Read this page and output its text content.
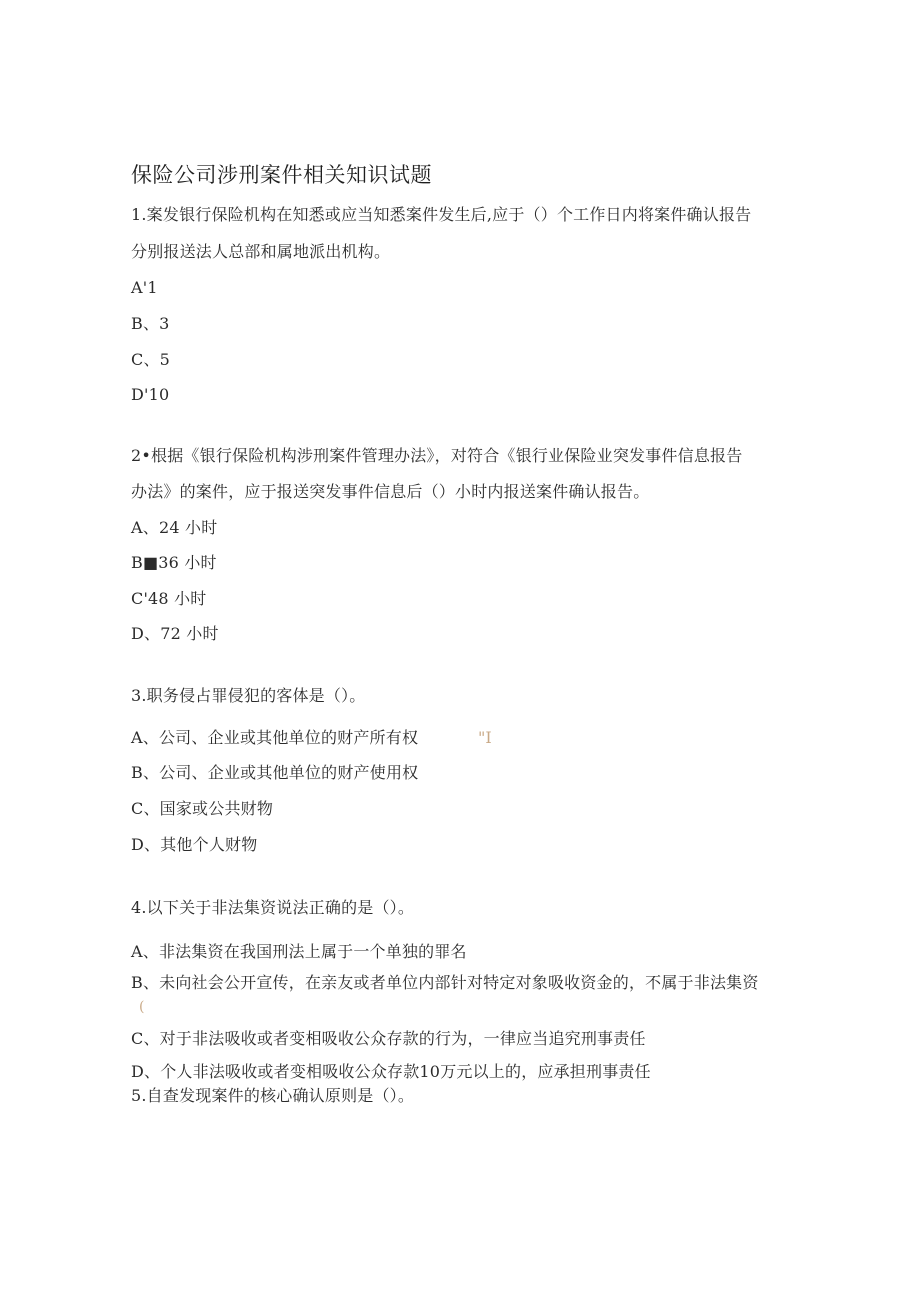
保险公司涉刑案件相关知识试题
1.案发银行保险机构在知悉或应当知悉案件发生后,应于（）个工作日内将案件确认报告
分别报送法人总部和属地派出机构。
A'1
B、3
C、5
D'10
2•根据《银行保险机构涉刑案件管理办法》，对符合《银行业保险业突发事件信息报告
办法》的案件，应于报送突发事件信息后（）小时内报送案件确认报告。
A、24 小时
B■36 小时
C'48 小时
D、72 小时
3.职务侵占罪侵犯的客体是（）。
A、公司、企业或其他单位的财产所有权	"I
B、公司、企业或其他单位的财产使用权
C、国家或公共财物
D、其他个人财物
4.以下关于非法集资说法正确的是（）。
A、非法集资在我国刑法上属于一个单独的罪名
B、未向社会公开宣传，在亲友或者单位内部针对特定对象吸收资金的，不属于非法集资
(
C、对于非法吸收或者变相吸收公众存款的行为，一律应当追究刑事责任
D、个人非法吸收或者变相吸收公众存款10万元以上的，应承担刑事责任
5.自查发现案件的核心确认原则是（）。
